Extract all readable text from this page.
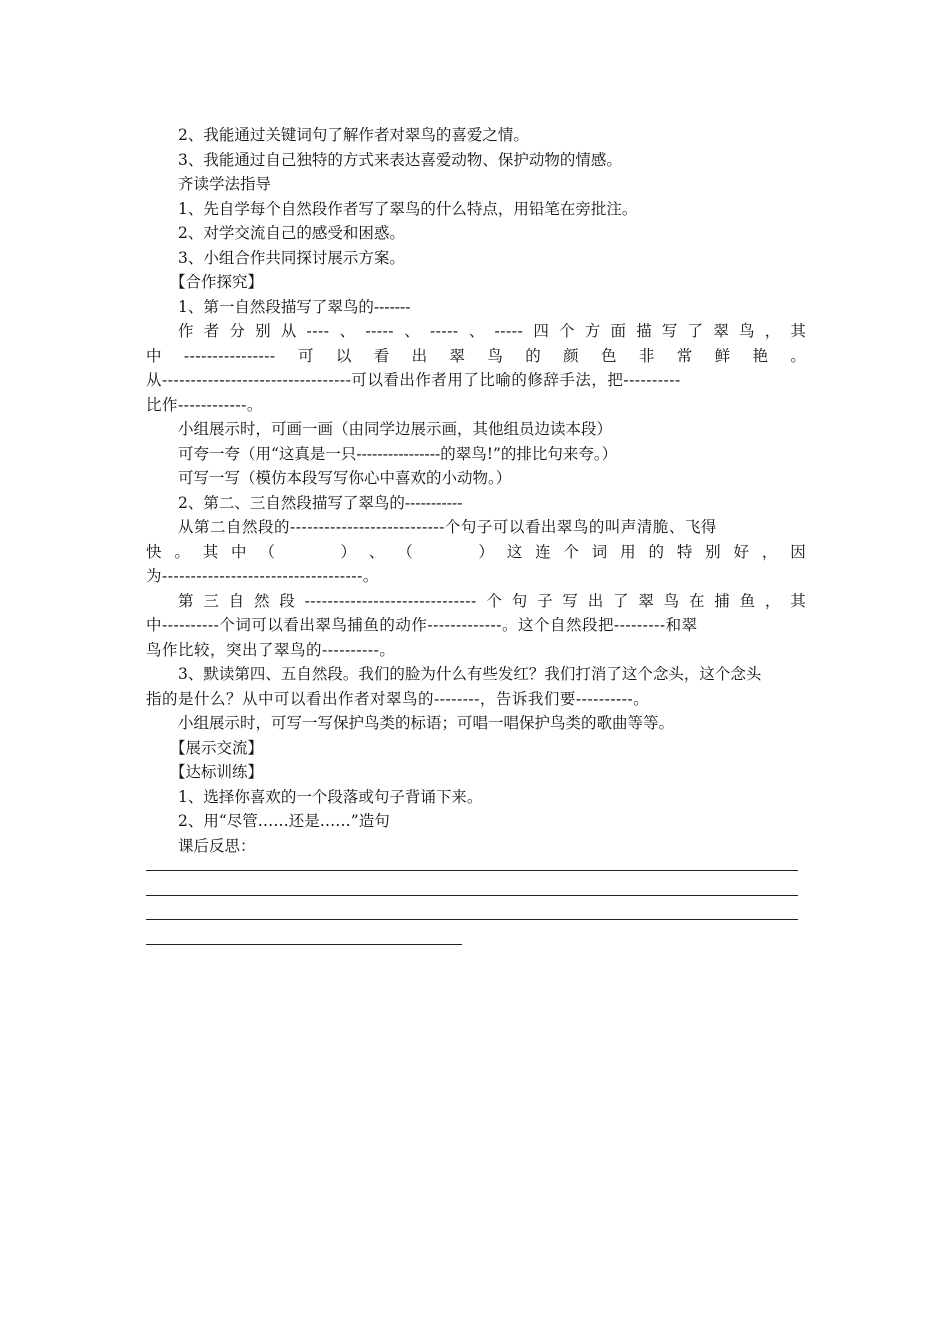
2、我能通过关键词句了解作者对翠鸟的喜爱之情。

3、我能通过自己独特的方式来表达喜爱动物、保护动物的情感。

齐读学法指导

1、先自学每个自然段作者写了翠鸟的什么特点，用铅笔在旁批注。

2、对学交流自己的感受和困惑。

3、小组合作共同探讨展示方案。

【合作探究】

1、第一自然段描写了翠鸟的-------

作 者 分 别 从 ---- 、 ----- 、 ----- 、 ----- 四 个 方 面 描 写 了 翠 鸟 ， 其
中 ---------------- 可 以 看 出 翠 鸟 的 颜 色 非 常 鲜 艳 。

从---------------------------------可以看出作者用了比喻的修辞手法，把----------

比作------------。

小组展示时，可画一画（由同学边展示画，其他组员边读本段）

可夸一夸（用“这真是一只----------------的翠鸟!”的排比句来夸。）

可写一写（模仿本段写写你心中喜欢的小动物。）

2、第二、三自然段描写了翠鸟的-----------

从第二自然段的---------------------------个句子可以看出翠鸟的叫声清脆、飞得

快 。 其 中 （	） 、 （	） 这 连 个 词 用 的 特 别 好 ， 因

为-----------------------------------。

第 三 自 然 段 ------------------------------ 个 句 子 写 出 了 翠 鸟 在 捕 鱼 ， 其

中----------个词可以看出翠鸟捕鱼的动作-------------。这个自然段把---------和翠

鸟作比较，突出了翠鸟的----------。

3、默读第四、五自然段。我们的脸为什么有些发红？我们打消了这个念头，这个念头

指的是什么？从中可以看出作者对翠鸟的--------，告诉我们要----------。

小组展示时，可写一写保护鸟类的标语；可唱一唱保护鸟类的歌曲等等。

【展示交流】

【达标训练】

1、选择你喜欢的一个段落或句子背诵下来。

2、用“尽管……还是……”造句

课后反思：
